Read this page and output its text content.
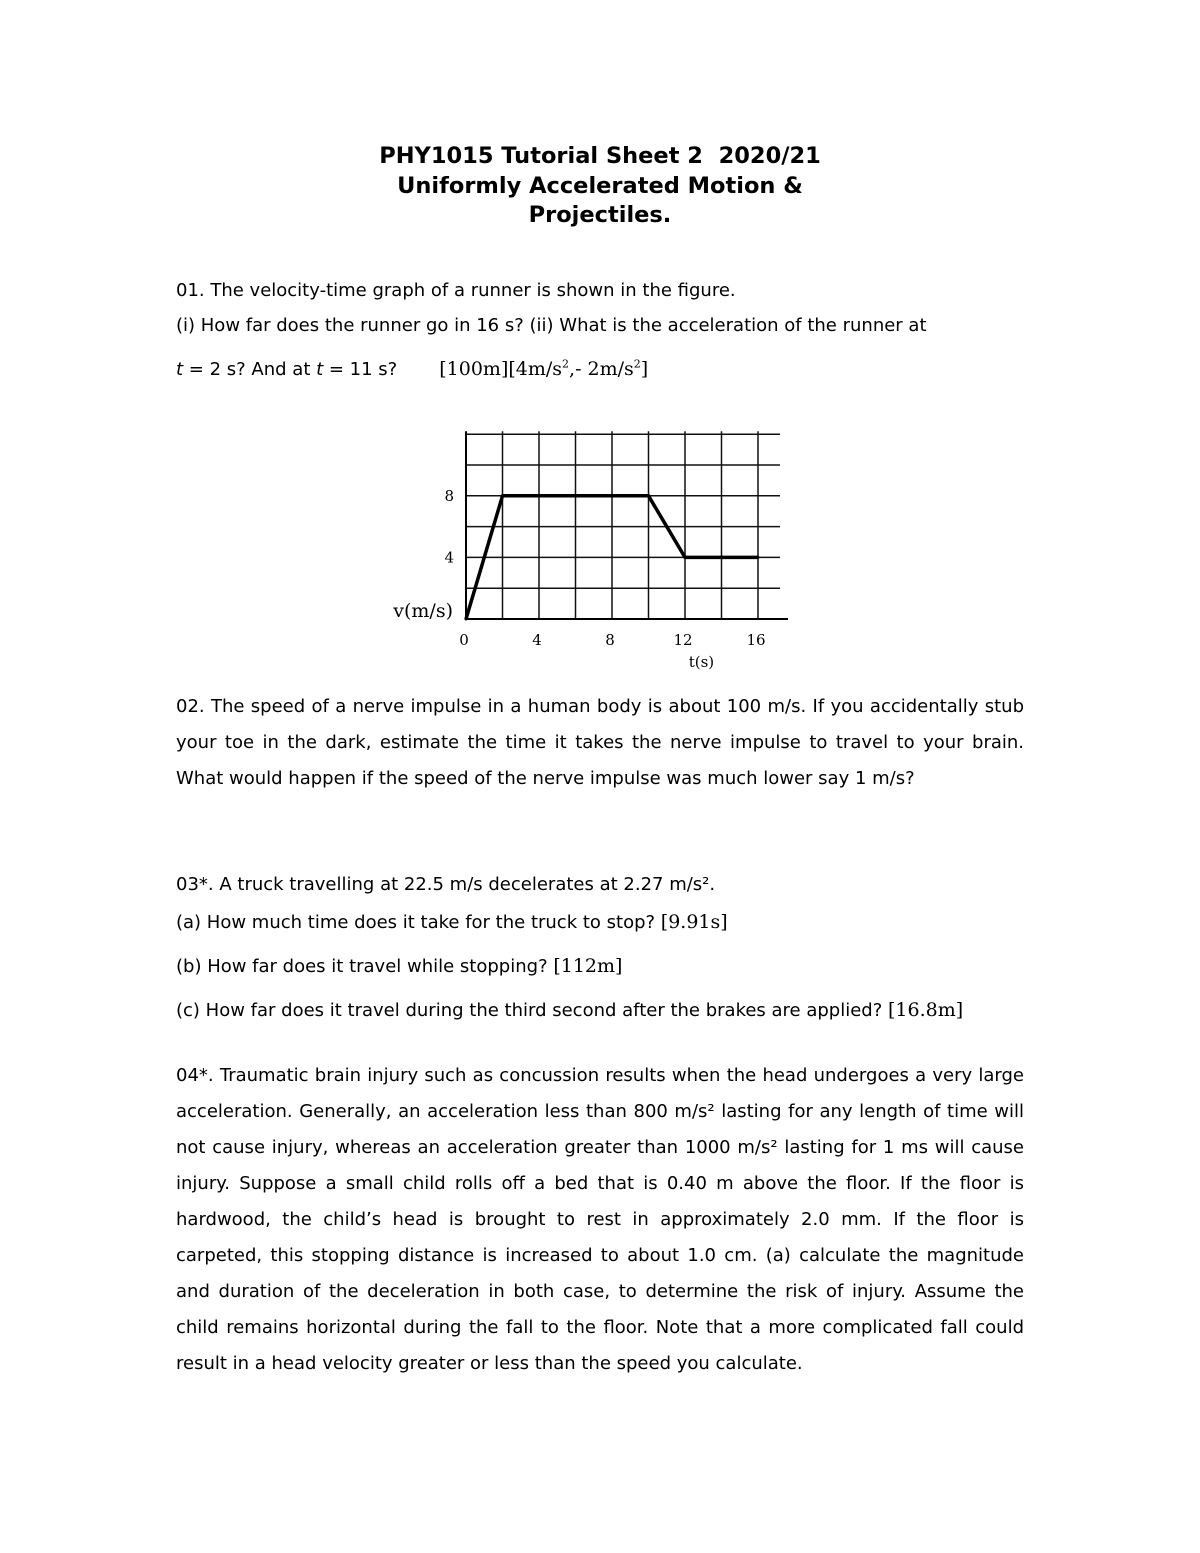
PHY1015 Tutorial Sheet 2  2020/21
Uniformly Accelerated Motion &
Projectiles.
01. The velocity-time graph of a runner is shown in the figure.
(i) How far does the runner go in 16 s? (ii) What is the acceleration of the runner at
t = 2 s? And at t = 11 s? $[100m][4m/s^2,-$ $2m/s^2$]
0	4	8	12	16
4
8
v(m/s)
t(s)
02. The speed of a nerve impulse in a human body is about 100 m/s. If you accidentally stub your toe in the dark, estimate the time it takes the nerve impulse to travel to your brain. What would happen if the speed of the nerve impulse was much lower say 1 m/s?
03*. A truck travelling at 22.5 m/s decelerates at 2.27 m/s².
(a) How much time does it take for the truck to stop? [9.91s]
(b) How far does it travel while stopping? [112m]
(c) How far does it travel during the third second after the brakes are applied? [16.8m]
04*. Traumatic brain injury such as concussion results when the head undergoes a very large acceleration. Generally, an acceleration less than 800 m/s² lasting for any length of time will not cause injury, whereas an acceleration greater than 1000 m/s² lasting for 1 ms will cause injury. Suppose a small child rolls off a bed that is 0.40 m above the floor. If the floor is hardwood, the child’s head is brought to rest in approximately 2.0 mm. If the floor is carpeted, this stopping distance is increased to about 1.0 cm. (a) calculate the magnitude and duration of the deceleration in both case, to determine the risk of injury. Assume the child remains horizontal during the fall to the floor. Note that a more complicated fall could result in a head velocity greater or less than the speed you calculate.
